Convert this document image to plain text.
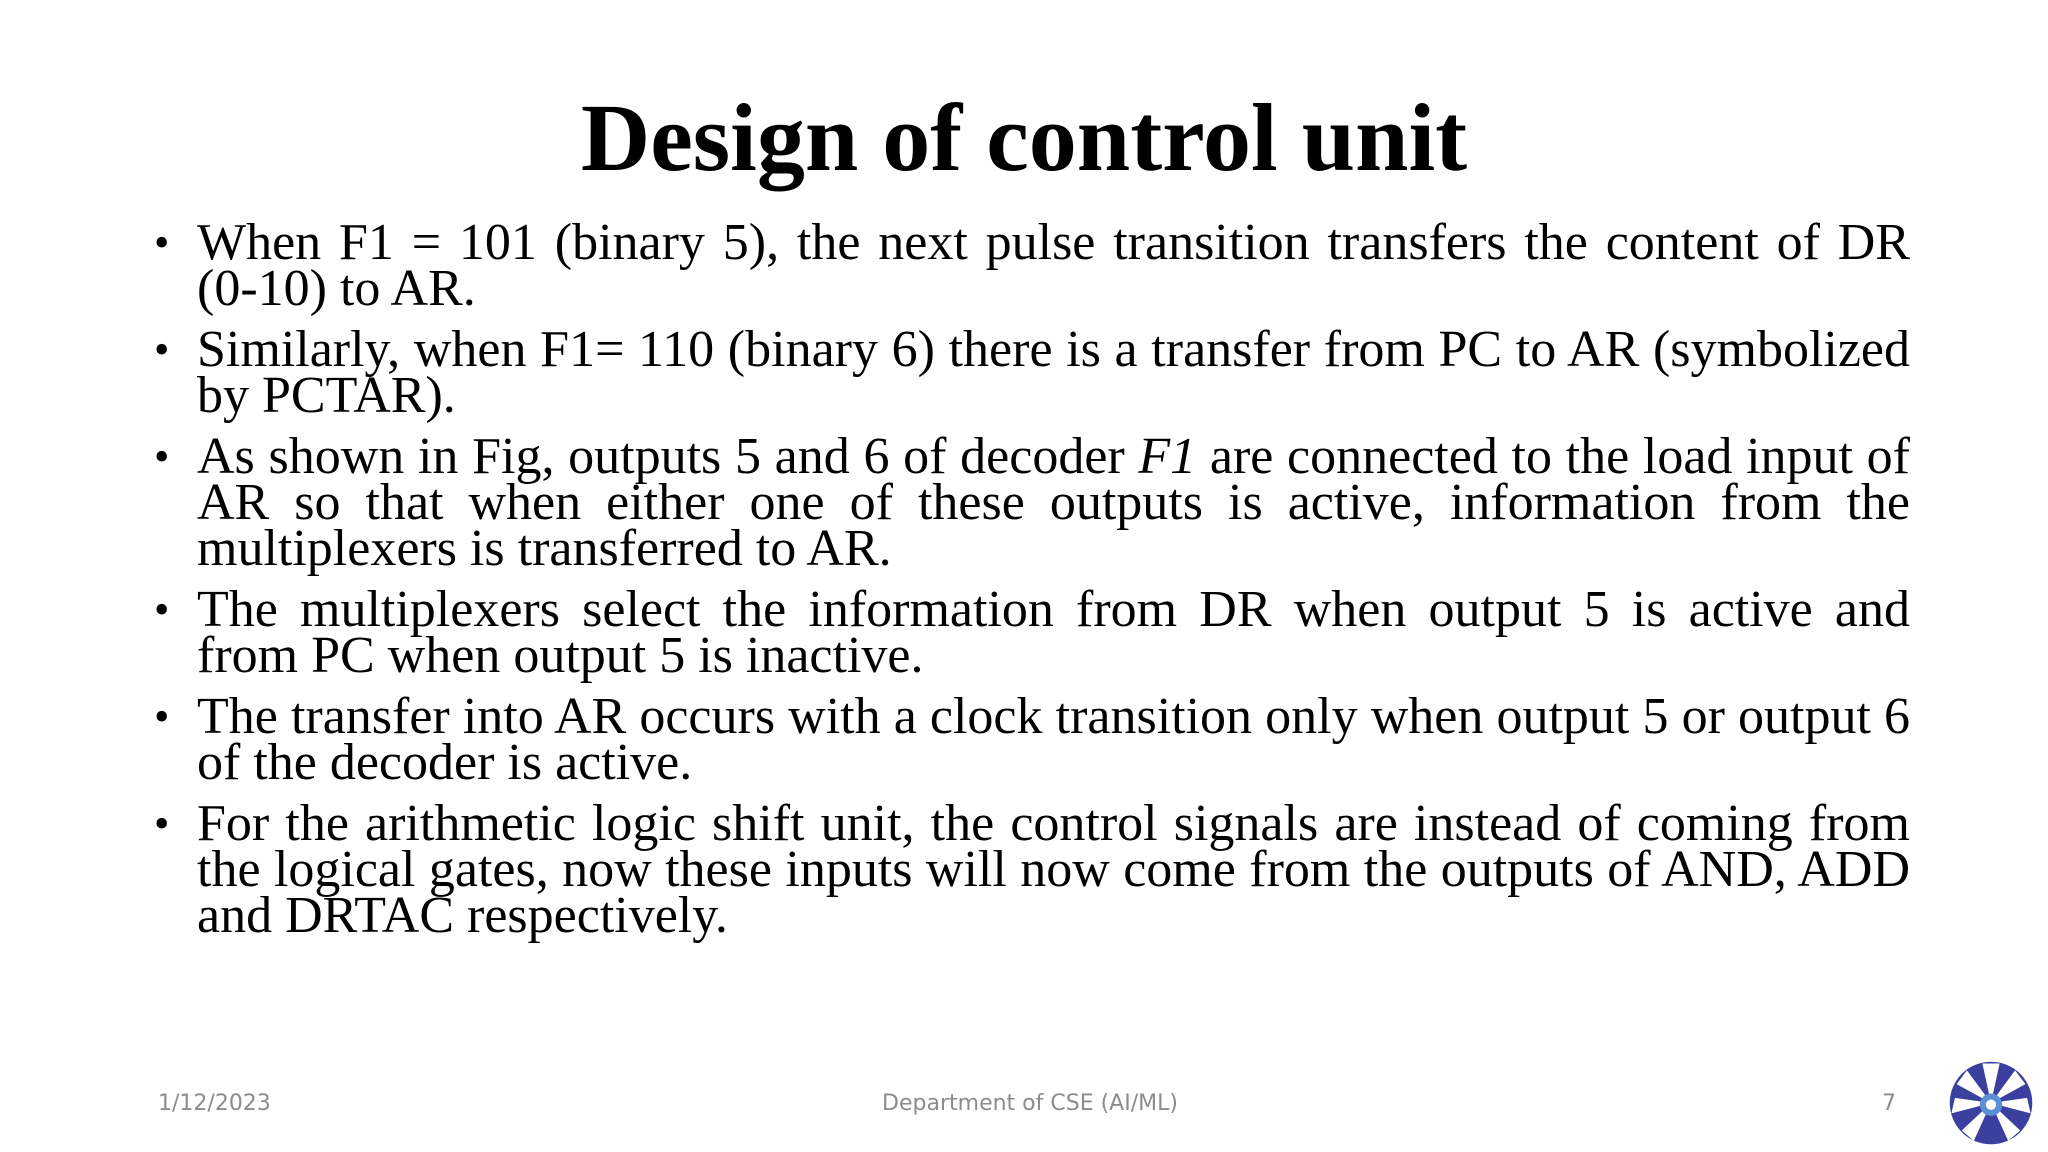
Design of control unit
• When F1 = 101 (binary 5), the next pulse transition transfers the content of DR (0-10) to AR.
• Similarly, when F1= 110 (binary 6) there is a transfer from PC to AR (symbolized by PCTAR).
• As shown in Fig, outputs 5 and 6 of decoder F1 are connected to the load input of AR so that when either one of these outputs is active, information from the multiplexers is transferred to AR.
• The multiplexers select the information from DR when output 5 is active and from PC when output 5 is inactive.
• The transfer into AR occurs with a clock transition only when output 5 or output 6 of the decoder is active.
• For the arithmetic logic shift unit, the control signals are instead of coming from the logical gates, now these inputs will now come from the outputs of AND, ADD and DRTAC respectively.
1/12/2023	Department of CSE (AI/ML)	7
